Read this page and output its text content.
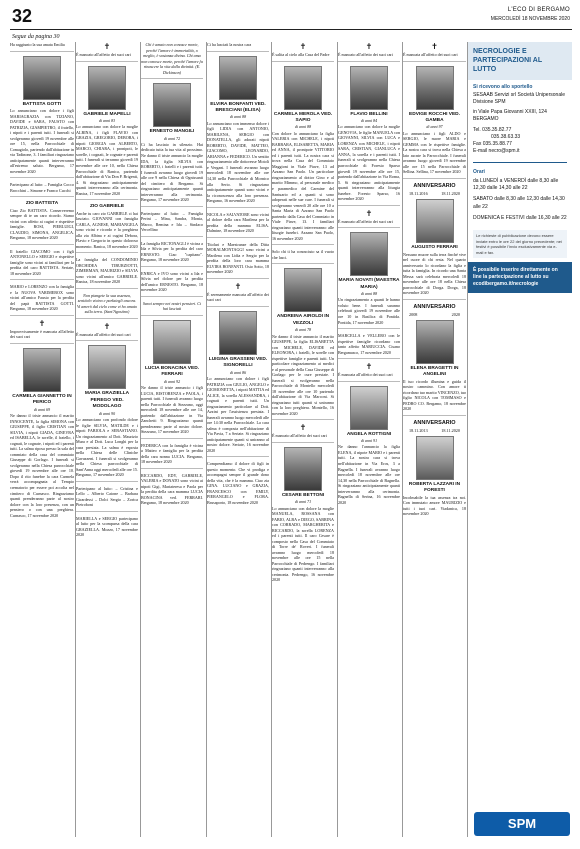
32	L'ECO DI BERGAMO
MERCOLEDÌ 18 NOVEMBRE 2020
Segue da pagina 30
Ha raggiunto la sua amata Emilia
BATTISTA GOTTI
Lo annunciano con dolore i figli MARIAGRAZIA con TIZIANO, DAVIDE e SARA, FAUSTO con PATRIZIA, GIAMPIETRO, il fratello, i nipoti e i parenti tutti. I funerali si svolgeranno giovedì 19 novembre alle ore 15, nella Parrocchiale di Comagiolo, partendo dall'abitazione in via Tadinone, 3. I familiari ringraziano anticipatamente quanti interverranno all'estremo saluto. Bergamo, 17 novembre 2020
Partecipano al lutto: – Famiglia Cocco Brocchini – Simone e Franco Cucchi
ZIO BATTISTA
Ciao Zio BATTISTA. Conserveremo sempre di te un caro ricordo. Siamo vicini con affetto ai cugini e rispettive famiglie. ROSI, PIERLUIGI, CLAUDIO, SIMONA, ANGELICA. Bergamo, 18 novembre 2020
Il fratello GIACOMO con i figli ANTONELLO e SERGIO e rispettive famiglie sono vicini ai familiari per la perdita del caro BATTISTA. Seriate, 18 novembre 2020
MARIO e LORENZO con la famiglia e la NUOVA VARIMEBOX sono vicini all'amico Fausto per la perdita del papà BATTISTA GOTTI. Bergamo, 18 novembre 2020
✝
Improvvisamente è mancata all'affetto dei suoi cari
CARMELA GIANNETTO IN PERICO
di anni 69
Ne danno il triste annuncio il marito INNOCENTE, la figlia SIMONA con GIUSEPPE, il figlio CRISTIAN con SILVIA, i nipoti GIADA, GINEVRA ed ISABELLA, le sorelle, il fratello, i cognati, le cognate, i nipoti ed i parenti tutti. La salma riposa presso la sala del commiato della casa del commiato Giuseppe di Gorlago. I funerali si svolgeranno nella Chiesa parrocchiale giovedì 19 novembre alle ore 10. Dopo il rito funebre la cara Carmela verrà accompagnata al Tempio crematorio per essere poi accolta nel cimitero di Curnasco. Ringraziamo quanti prenderanno parte al nostro dolore con la loro presenza, con un pensiero o con una preghiera. Curnasco, 17 novembre 2020
✝
È mancato all'affetto dei suoi cari
GABRIELE MAPELLI
di anni 83
Lo annunciano con dolore la moglie ALBINA, i figli FLAVIO con GRAZIA, GREGORIO, DEBORA, i nipoti GIORGIA con ALBERTO, MARCO, CHIARA, i pronipoti, le sorelle, i cognati, le cognate e parenti tutti. I funerali si terranno giovedì 19 novembre alle ore 10, nella Chiesa Parrocchiale di Ranica, partendo dall'abitazione di Via Don P. Brigenti, 4. Si ringraziano anticipatamente quanti interverranno alla cerimonia. Ranica, 17 novembre 2020
ZIO GABRIELE
Anche tu caro zio GABRIELE ci hai lasciato. GIOVANNI con famiglia CARLA, AGNESE, MARIANGELA sono vicini e ricordo e la preghiera alla zia Albina e ai cugini Debora, Flavio e Gregorio in questo doloroso momento. Ranica, 18 novembre 2020
La famiglia del CONDOMINIO ORCHIDEA TIBURZIOTTI, ZIMERMAN, MAURIZIO e SILVIA sono vicini all'amico GABRIELE. Ranica, 18 novembre 2020
Non piangete la sua assenza, sentitelo vicino e parlategli ancora. Vi amerò dal cielo come vi ho amato sulla terra. (Sant'Agostino)
✝
È mancata all'affetto dei suoi cari
MARIA GRAZIELLA PEREGO VED. MODOLAGO
di anni 90
Lo annunciano con profondo dolore le figlie SILVIA, MATILDE e i nipoti FABIOLA e SEBASTIANO. Un ringraziamento al Dott. Maurizio Mura e al Dott. Luca Longhi per la cura prestata. La salma è esposta nella Chiesa delle Cliniche Gavazzeni. I funerali si svolgeranno nella Chiesa parrocchiale di Sant'Anna oggi mercoledì alle ore 15. Bergamo, 17 novembre 2020
Partecipano al lutto: – Cristina e Lello – Alberto Caione – Barbara Girardessi – Dolci Sergio – Zorica Pietroboni
MARIELLA e SERGIO partecipano al lutto per la scomparsa della cara GRAZIELLA. Mozzo, 17 novembre 2020
Chi è amato non conosce morte, perché l'amore è immortalità, o meglio, è sostanza divina. Chi ama non conosce morte, perché l'amore fa rinascere la vita dalla divinità. (E. Dickinson)
ERNESTO MANGILI
di anni 72
Ci ha lasciato in silenzio. Hai dedicato tutta la tua vita al prossimo. Ne danno il triste annuncio la moglie IDA, la figlia SILVIA con ROBERTO, i fratelli e i parenti tutti. I funerali avranno luogo giovedì 19 alle ore 9 nella Chiesa di Ognissanti del cimitero di Bergamo. Si ringraziano anticipatamente quanti interverranno alla cerimonia. Bergamo, 17 novembre 2020
Partecipano al lutto: – Famiglia Perini – Mina, Sandra, Monia, Marco, Remina e Ida – Sindaco Vercellino
La famiglia RICTONAGLI è vicina a Ida e Silvia per la perdita del caro ERNESTO. Ciao "capitano". Bergamo, 18 novembre 2020
ENRICA e IVO sono vicini a Ida e Silvia nel dolore per la perdita dell'amico ERNESTO. Bergamo, 18 novembre 2020
Sarai sempre nei nostri pensieri. Ci hai lasciati
LUCIA BONACINA VED. FERRARI
di anni 92
Ne danno il triste annuncio i figli LUCIA, RISTORENZA e PAOLA, i parenti tutti. I funerali avranno luogo nella Parrocchiale di Stezzano, oggi mercoledì 18 novembre alle ore 14, partendo dall'abitazione in Via Zanchetti 9. Ringraziamo quanti prenderanno parte al nostro dolore. Stezzano, 17 novembre 2020
FEDERICA con la famiglia è vicina a Matteo e famiglia per la perdita della cara nonna LUCIA. Bergamo, 18 novembre 2020
RICCARDO, EDY, GABRIELE, VALERIA e DONATO sono vicini ai nipoti Gigi, Mariateresa e Paola per la perdita della cara mamma LUCIA BONACINA ved. FERRARI. Bergamo, 18 novembre 2020
Ci ha lasciati la nostra cara
ELVIRA BONFANTI VED. BRESCIANI (ELISA)
di anni 88
Lo annunciano con immenso dolore i figli LIDIA con ANTONIO, MARILENA, SERGIO con DONATELLA, gli adorati nipoti ROBERTO, DAVIDE, MATTEO, GIACOMO, LEONARDO, ARIANNA e FEDERICO. Un sentito ringraziamento alle dottoresse Moioli e Vergani. I funerali avranno luogo mercoledì 18 novembre alle ore 14,30 nella Parrocchiale di Mornico alla Serio. Si ringraziano anticipatamente quanti sono vicini e la riconoscenza alla loro presenza. Bergamo, 16 novembre 2020
NICOLA e SALVATORE sono vicini al dolore della cara Marilena per la perdita della mamma ELISA. Dalmine, 18 novembre 2020
Titolari e Maestranze della Ditta MORALMONTAGGI sono vicini a Marilena con Lidia e Sergio per la perdita della loro cara mamma ELVIRA BONFANTI. Osio Sotto, 18 novembre 2020
✝
È serenamente mancata all'affetto dei suoi cari
LUIGINA GRASSENI VED. SIGNORELLI
di anni 86
Lo annunciano con dolore i figli PATRIZIA con GIULIO, ANGELO e GIOMONETTA, i nipoti MATTIA ed ALICE, la sorella ALESSANDRA, i cognati e parenti tutti. Un ringraziamento particolare al Dott. Azzini per l'assistenza prestata. I funerali avranno luogo mercoledì alle ore 14:30 nella Parrocchiale. La cara salma è composta nell'abitazione di Via Pavia, 7 a Seriate. Si ringraziano anticipatamente quanti si uniranno al nostro dolore. Seriate, 16 novembre 2020
Comprendiamo il dolore di figli in questo momento. Che vi prodiga e accompagni sempre il grande dono della vita, che è la mamma. Ciao zia GINA. LUCIANO e GRAZIA, FRANCESCO con EMILY, PIERANGELO e FLORA. Brusaporto, 18 novembre 2020
✝
È salita al cielo alla Casa del Padre
CARMELA MEROLA VED. SAPIO
di anni 88
Con dolore lo annunciano la figlia VALERIA con MICHELE, i nipoti BARBARA, ELISABETTA, MARIA ed ANNA, il pronipote VITTORIO ed i parenti tutti. La nostra cara si trova nella Casa del Commiato Maggioni in Viale Piave, 13 ad Azzano San Paolo. Un particolare ringraziamento al dottor Gino e al marito Mimmo, al personale medico e paramedico del Carmine del Santuario ed a quanti si sono adoperati nelle sue cure. I funerali si svolgeranno venerdì 20 alle ore 10 a Santa Maria di Azzano San Paolo partendo dalla Casa del Commiato in Viale Piave, 13. I familiari ringraziano quanti interverranno alle liturgie funebri. Azzano San Paolo, 16 novembre 2020
Solo chi ti ha conosciuto sa il vuoto che lasci.
ANDREINA AIROLDI IN VEZZOLI
di anni 78
Ne danno il triste annuncio il marito GIUSEPPE, la figlia ELISABETTA con MICHELE, DAVIDE ed ELEONORA, i fratelli, le sorelle con rispettive famiglie e parenti tutti. Un particolare ringraziamento ai medici e al personale della Casa Giuseppe di Gorlago per le cure prestate. I funerali si svolgeranno nella Parrocchiale di Montello mercoledì 18 novembre alle ore 10 partendo dall'abitazione di Via Marconi. Si ringraziano tutti quanti si uniranno con la loro preghiera. Montello, 16 novembre 2020
✝
È mancato all'affetto dei suoi cari
CESARE BETTONI
di anni 71
Lo annunciano con dolore la moglie MANUELA, ROSSANA con FABIO, ALBA e DIEGO, SABRINA con CORRADO, MARGHERITA e RICCARDO, la sorella LORENZA ed i parenti tutti. Il caro Cesare è composto nella Casa del Commiato di Torre de' Roveri. I funerali avranno luogo mercoledì 18 novembre alle ore 15 nella Parrocchiale di Pedrengo. I familiari ringraziano quanti interverranno alla cerimonia. Pedrengo, 16 novembre 2020
✝
È mancato all'affetto dei suoi cari
FLAVIO BELLINI
di anni 84
Lo annunciano con dolore la moglie GENOVIA, le figlie MANUELA con GIOVANNI, SILVIA con LUCA e LORENZA con MICHELE, i nipoti SARA, CRISTIAN, GIANLUCA e ANNA, la sorella e i parenti tutti. I funerali si svolgeranno nella Chiesa parrocchiale di Foresto Sparso giovedì 19 novembre alle ore 15, partendo dall'abitazione in Via Roma, 5. Si ringraziano anticipatamente quanti interverranno alla liturgia funebre. Foresto Sparso, 16 novembre 2020
✝
È mancato all'affetto dei suoi cari
MARIA NOVATI (MAESTRA MARIA)
di anni 88
Un ringraziamento a quanti le hanno voluto bene. I funerali saranno celebrati giovedì 19 novembre alle ore 10 in Basilica di Pontida. Pontida, 17 novembre 2020
MARCELLA e VELLERO con le rispettive famiglie ricordano con tanto affetto MARIUCCIA. Cisano Bergamasco, 17 novembre 2020
✝
È mancata all'affetto dei suoi cari
ANGELA ROTTIGNI
di anni 91
Ne danno l'annuncio la figlia ELENA, il nipote MARIO e i parenti tutti. La nostra cara si trova nell'abitazione in Via Eros, 3 a Bagnella. I funerali avranno luogo mercoledì 18 novembre alle ore 14,30 nella Parrocchiale di Bagnella. Si ringraziano anticipatamente quanti interverranno alla cerimonia. Bagnella di Serina, 16 novembre 2020
✝
È mancata all'affetto dei suoi cari
EDVIGE ROCCHI VED. GAMBA
di anni 97
Lo annunciano i figli ALDO e SERGIO, le nuore MARIA e GEMMA con le rispettive famiglie. La nostra cara si trova nella Chiesa a lato ascnte la Parrocchiale. I funerali avranno luogo giovedì 19 novembre alle ore 15 nella Parrocchiale di Sellina. Sellina, 17 novembre 2020
ANNIVERSARIO
18.11.2016	18.11.2020
AUGUSTO FERRARI
Nessuno muore sulla terra finché vive nel cuore di chi resta. Nel quarto anniversario lo ricordano la figlia e tutta la famiglia. In ricordo una Santa Messa sarà celebrata mercoledì 18 novembre alle ore 18 nella Chiesa parrocchiale di Dorga. Dorga, 18 novembre 2020
ANNIVERSARIO
2008	2020
ELENA BRAGETTI IN ANGELINI
Il tuo ricordo illumina e guida il nostro cammino. Con amore ti ricordano tuo marito VINCENZO, tuo figlio NICOLA con TOMMASO e PEDRO CO. Bergamo, 18 novembre 2020
ANNIVERSARIO
18.11.2013	18.11.2020
ROBERTA LAZZARI IN FORESTI
Incolmabile la tua assenza tra noi. Con immutato amore MAURIZIO e tutti i tuoi cari. Viadanica, 18 novembre 2020
NECROLOGIE E PARTECIPAZIONI AL LUTTO
Si ricevono allo sportello
SESAAB Servizi srl Società Unipersonale Divisione SPM
in Viale Papa Giovanni XXIII, 124 BERGAMO
Tel. 035.35.82.77
035.38.63.33
Fax 035.35.88.77
E-mail necro@spm.it
Orari
da LUNEDÌ a VENERDÌ dalle 8,30 alle 12,30 dalle 14,30 alle 22
SABATO dalle 8,30 alle 12,30 dalle 14,30 alle 22
DOMENICA E FESTIVI dalle 16,30 alle 22
Le richieste di pubblicazione devono essere inviate entro le ore 22 del giorno precedente; nei festivi è possibile l'invio esclusivamente via e-mail e fax.
È possibile inserire direttamente on line la partecipazione al lutto su ecodibergamo.it/necrologie
SPM
